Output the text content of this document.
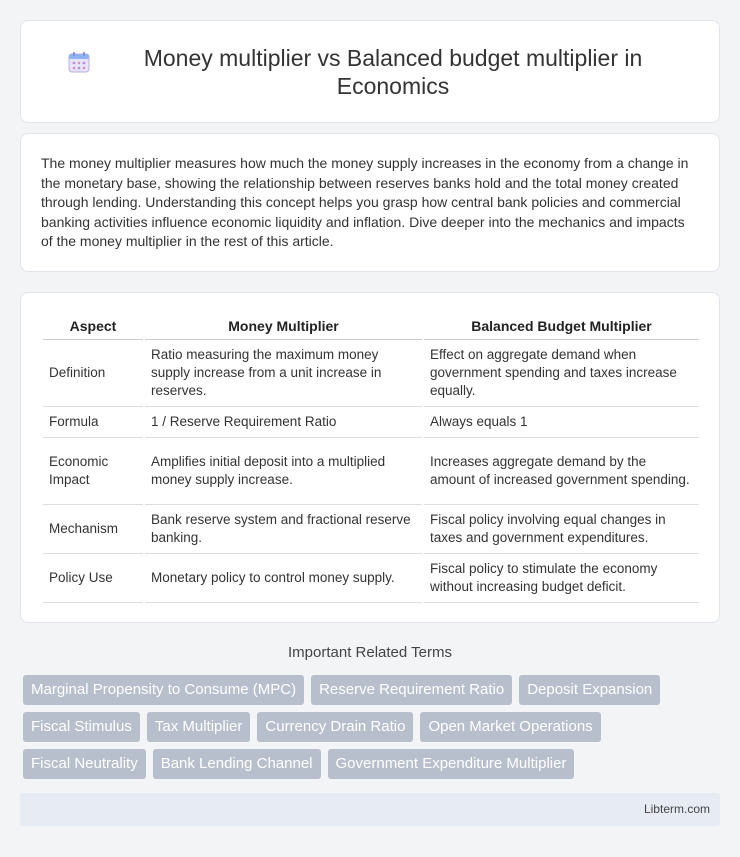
Money multiplier vs Balanced budget multiplier in Economics

The money multiplier measures how much the money supply increases in the economy from a change in the monetary base, showing the relationship between reserves banks hold and the total money created through lending. Understanding this concept helps you grasp how central bank policies and commercial banking activities influence economic liquidity and inflation. Dive deeper into the mechanics and impacts of the money multiplier in the rest of this article.

Aspect	Money Multiplier	Balanced Budget Multiplier
Definition	Ratio measuring the maximum money supply increase from a unit increase in reserves.	Effect on aggregate demand when government spending and taxes increase equally.
Formula	1 / Reserve Requirement Ratio	Always equals 1
Economic Impact	Amplifies initial deposit into a multiplied money supply increase.	Increases aggregate demand by the amount of increased government spending.
Mechanism	Bank reserve system and fractional reserve banking.	Fiscal policy involving equal changes in taxes and government expenditures.
Policy Use	Monetary policy to control money supply.	Fiscal policy to stimulate the economy without increasing budget deficit.
Important Related Terms
Marginal Propensity to Consume (MPC)	Reserve Requirement Ratio	Deposit Expansion
Fiscal Stimulus	Tax Multiplier	Currency Drain Ratio	Open Market Operations
Fiscal Neutrality	Bank Lending Channel	Government Expenditure Multiplier
Libterm.com
